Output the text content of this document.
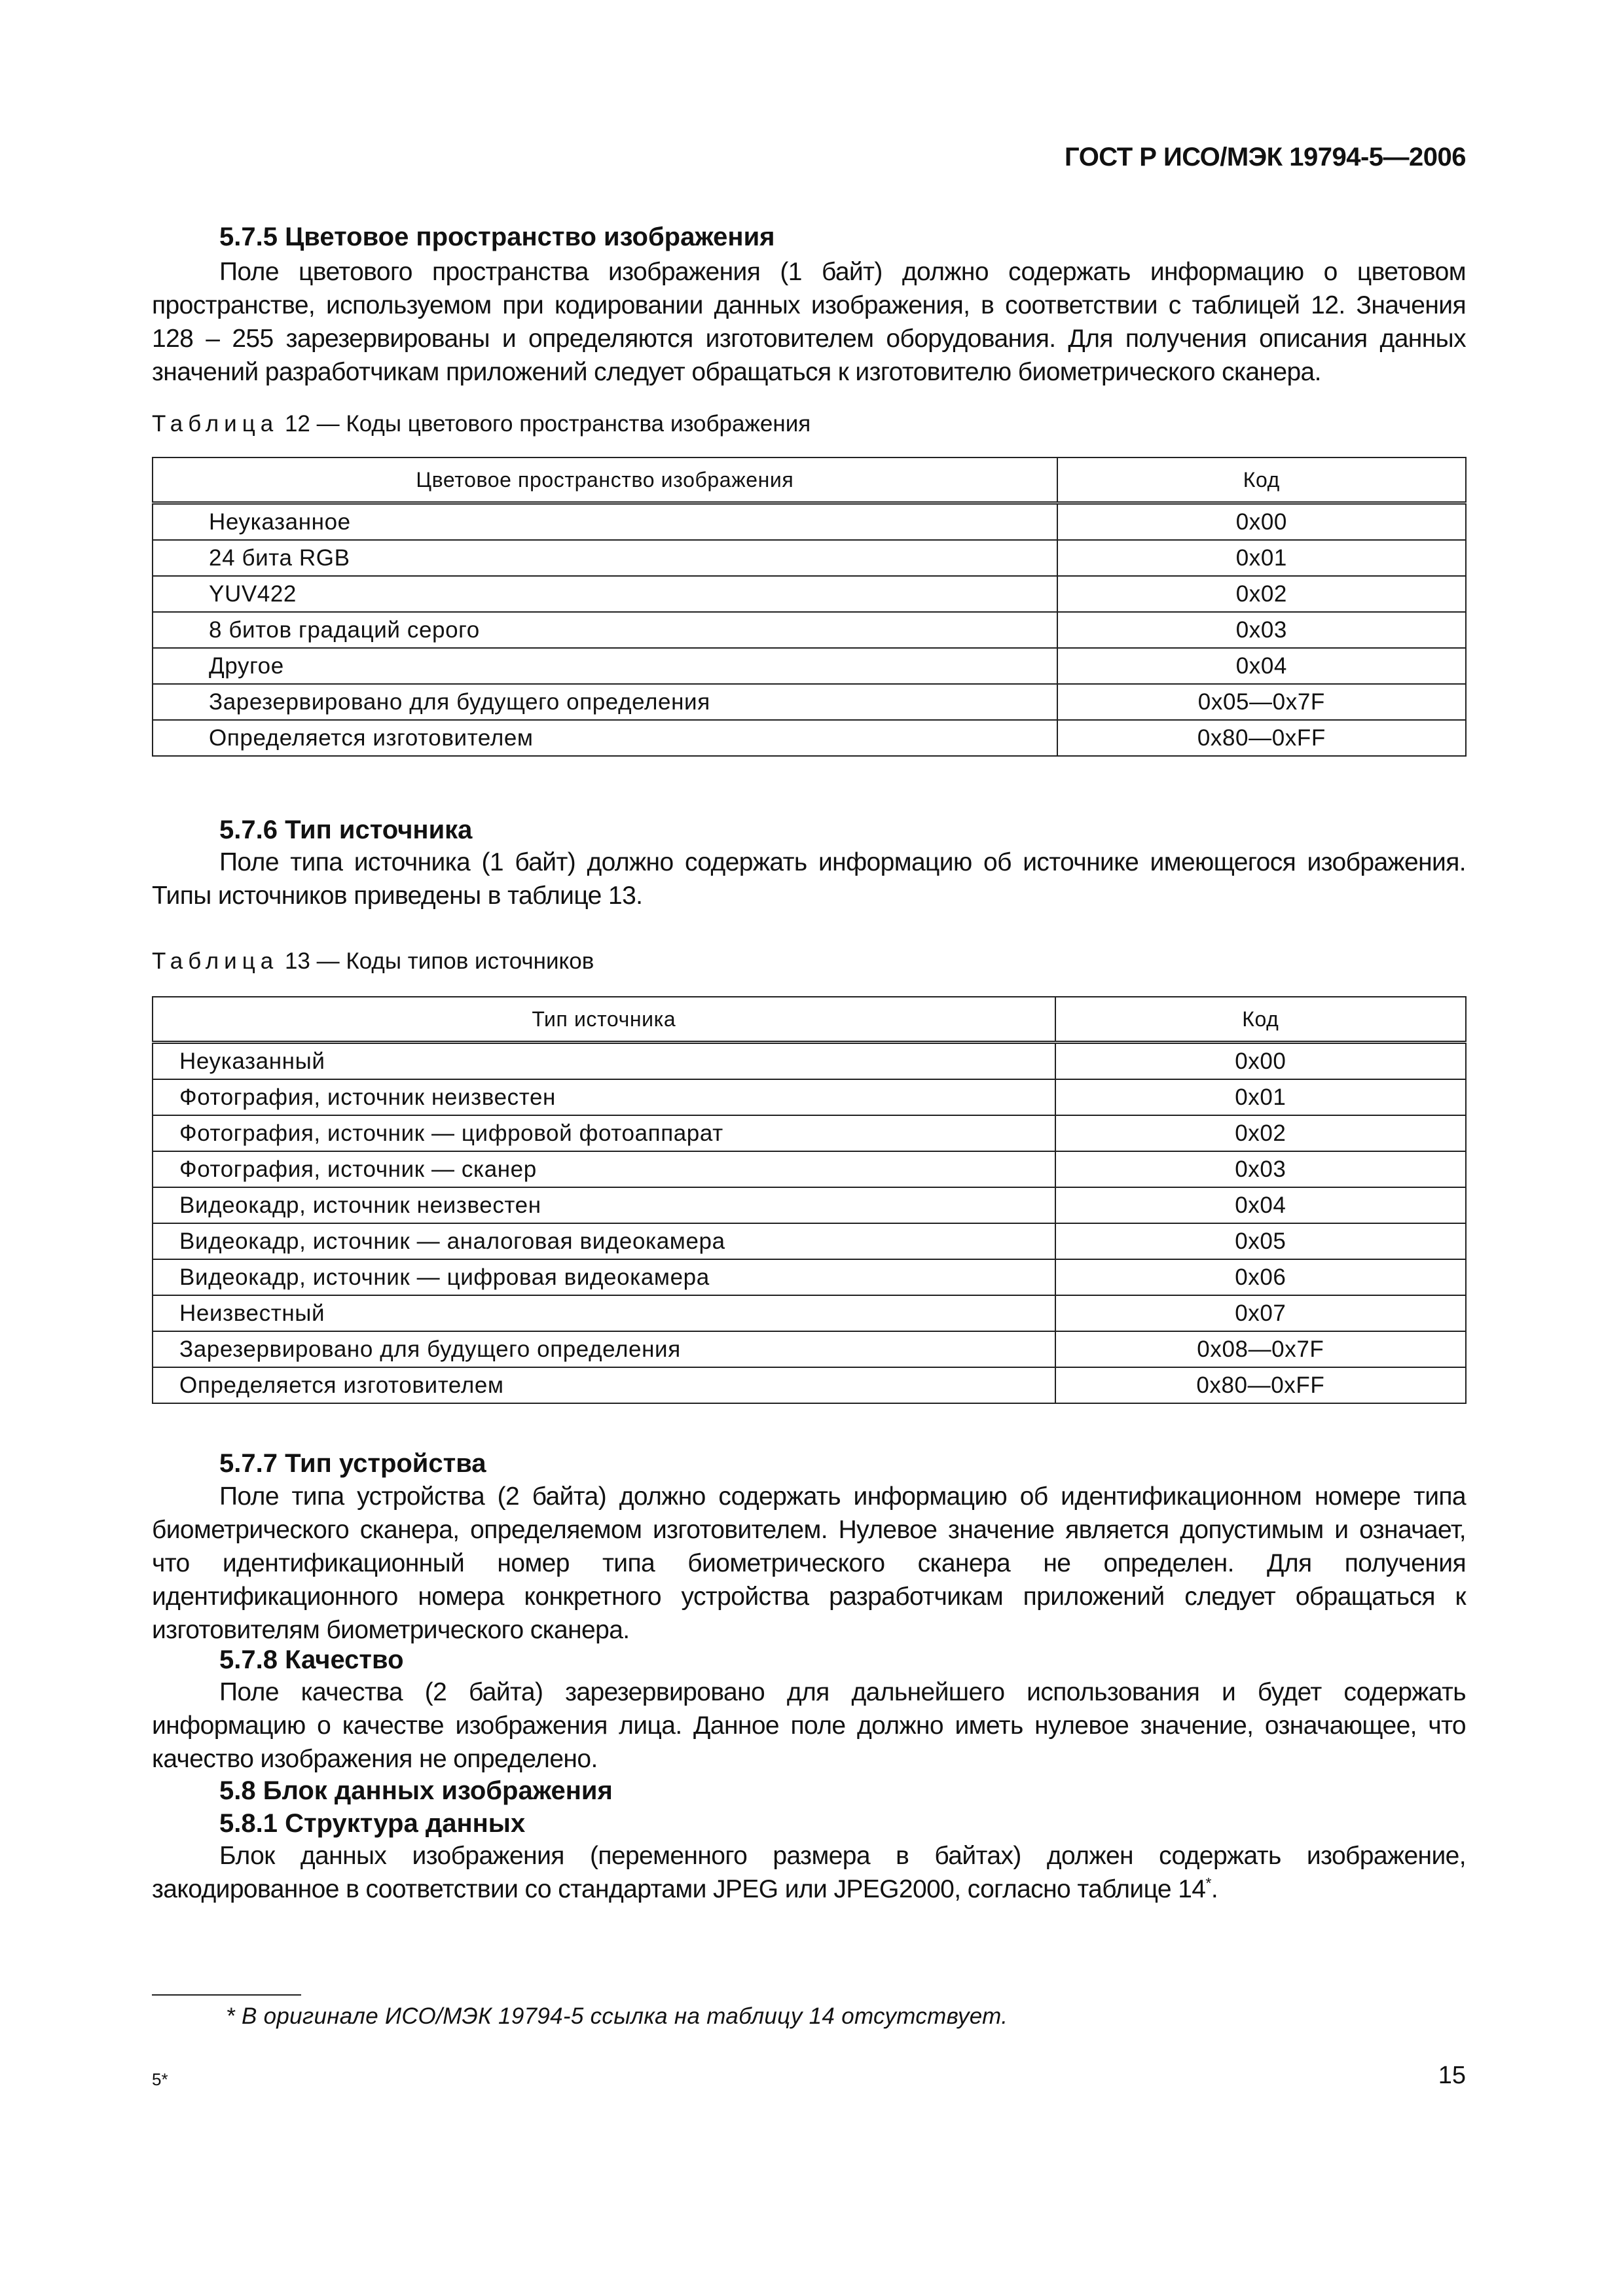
ГОСТ Р ИСО/МЭК 19794-5—2006
5.7.5 Цветовое пространство изображения
Поле цветового пространства изображения (1 байт) должно содержать информацию о цветовом пространстве, используемом при кодировании данных изображения, в соответствии с таблицей 12. Значения 128 – 255 зарезервированы и определяются изготовителем оборудования. Для получения описания данных значений разработчикам приложений следует обращаться к изготовителю биометрического сканера.
Таблица 12 — Коды цветового пространства изображения
Цветовое пространство изображения	Код
Неуказанное	0x00
24 бита RGB	0x01
YUV422	0x02
8 битов градаций серого	0x03
Другое	0x04
Зарезервировано для будущего определения	0x05—0x7F
Определяется изготовителем	0x80—0xFF
5.7.6 Тип источника
Поле типа источника (1 байт) должно содержать информацию об источнике имеющегося изображения. Типы источников приведены в таблице 13.
Таблица 13 — Коды типов источников
Тип источника	Код
Неуказанный	0x00
Фотография, источник неизвестен	0x01
Фотография, источник — цифровой фотоаппарат	0x02
Фотография, источник — сканер	0x03
Видеокадр, источник неизвестен	0x04
Видеокадр, источник — аналоговая видеокамера	0x05
Видеокадр, источник — цифровая видеокамера	0x06
Неизвестный	0x07
Зарезервировано для будущего определения	0x08—0x7F
Определяется изготовителем	0x80—0xFF
5.7.7 Тип устройства
Поле типа устройства (2 байта) должно содержать информацию об идентификационном номере типа биометрического сканера, определяемом изготовителем. Нулевое значение является допустимым и означает, что идентификационный номер типа биометрического сканера не определен. Для получения идентификационного номера конкретного устройства разработчикам приложений следует обращаться к изготовителям биометрического сканера.
5.7.8 Качество
Поле качества (2 байта) зарезервировано для дальнейшего использования и будет содержать информацию о качестве изображения лица. Данное поле должно иметь нулевое значение, означающее, что качество изображения не определено.
5.8 Блок данных изображения
5.8.1 Структура данных
Блок данных изображения (переменного размера в байтах) должен содержать изображение, закодированное в соответствии со стандартами JPEG или JPEG2000, согласно таблице 14*.
* В оригинале ИСО/МЭК 19794-5 ссылка на таблицу 14 отсутствует.
5*	15
